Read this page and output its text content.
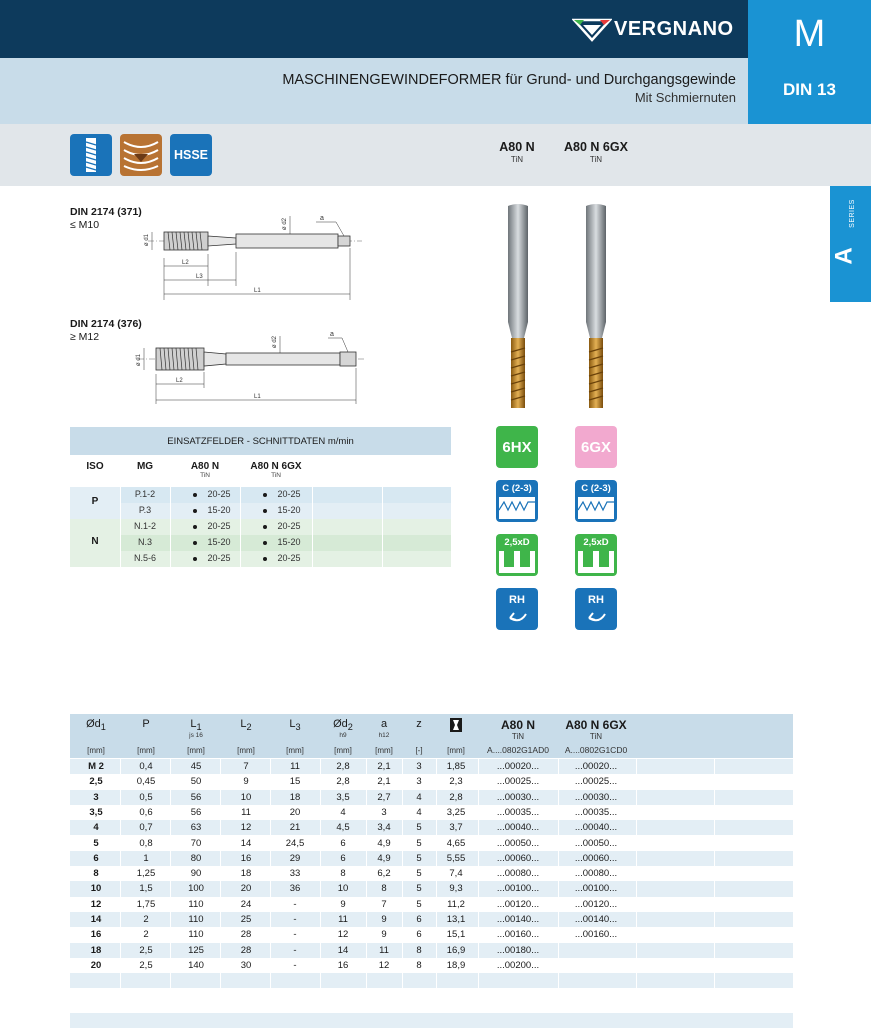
VERGNANO
MASCHINENGEWINDEFORMER für Grund- und Durchgangsgewinde
Mit Schmiernuten
M
DIN 13
HSSE
A80 N
TiN
A80 N 6GX
TiN
SERIES
A
DIN 2174 (371)
≤ M10
ø d1
ø d2	a
L2
L3
L1
DIN 2174 (376)
≥ M12
ø d1
ø d2
a
L2
L1
EINSATZFELDER - SCHNITTDATEN m/min
ISO	MG	A80 N
TiN
A80 N 6GX
TiN
P
P.1-2	20-25	20-25
P.3	15-20	15-20
N
N.1-2	20-25	20-25
N.3	15-20	15-20
N.5-6	20-25	20-25
6HX	6GX
C (2-3)	C (2-3)
2,5xD	2,5xD
RH	RH
$Ød_1$	P	$L_1$	$L_2$	$L_3$	$Ød_2$	a	z
js 16	h9	h12
[mm]	[mm]	[mm]	[mm]	[mm]	[mm]	[mm]	[-]	[mm]
A80 N
TiN
A....0802G1AD0
A80 N 6GX
TiN
A....0802G1CD0
M 2	0,4	45	7	11	2,8	2,1	3	1,85	...00020...	...00020...
2,5	0,45	50	9	15	2,8	2,1	3	2,3	...00025...	...00025...
3	0,5	56	10	18	3,5	2,7	4	2,8	...00030...	...00030...
3,5	0,6	56	11	20	4	3	4	3,25	...00035...	...00035...
4	0,7	63	12	21	4,5	3,4	5	3,7	...00040...	...00040...
5	0,8	70	14	24,5	6	4,9	5	4,65	...00050...	...00050...
6	1	80	16	29	6	4,9	5	5,55	...00060...	...00060...
8	1,25	90	18	33	8	6,2	5	7,4	...00080...	...00080...
10	1,5	100	20	36	10	8	5	9,3	...00100...	...00100...
12	1,75	110	24	-	9	7	5	11,2	...00120...	...00120...
14	2	110	25	-	11	9	6	13,1	...00140...	...00140...
16	2	110	28	-	12	9	6	15,1	...00160...	...00160...
18	2,5	125	28	-	14	11	8	16,9	...00180...
20	2,5	140	30	-	16	12	8	18,9	...00200...
